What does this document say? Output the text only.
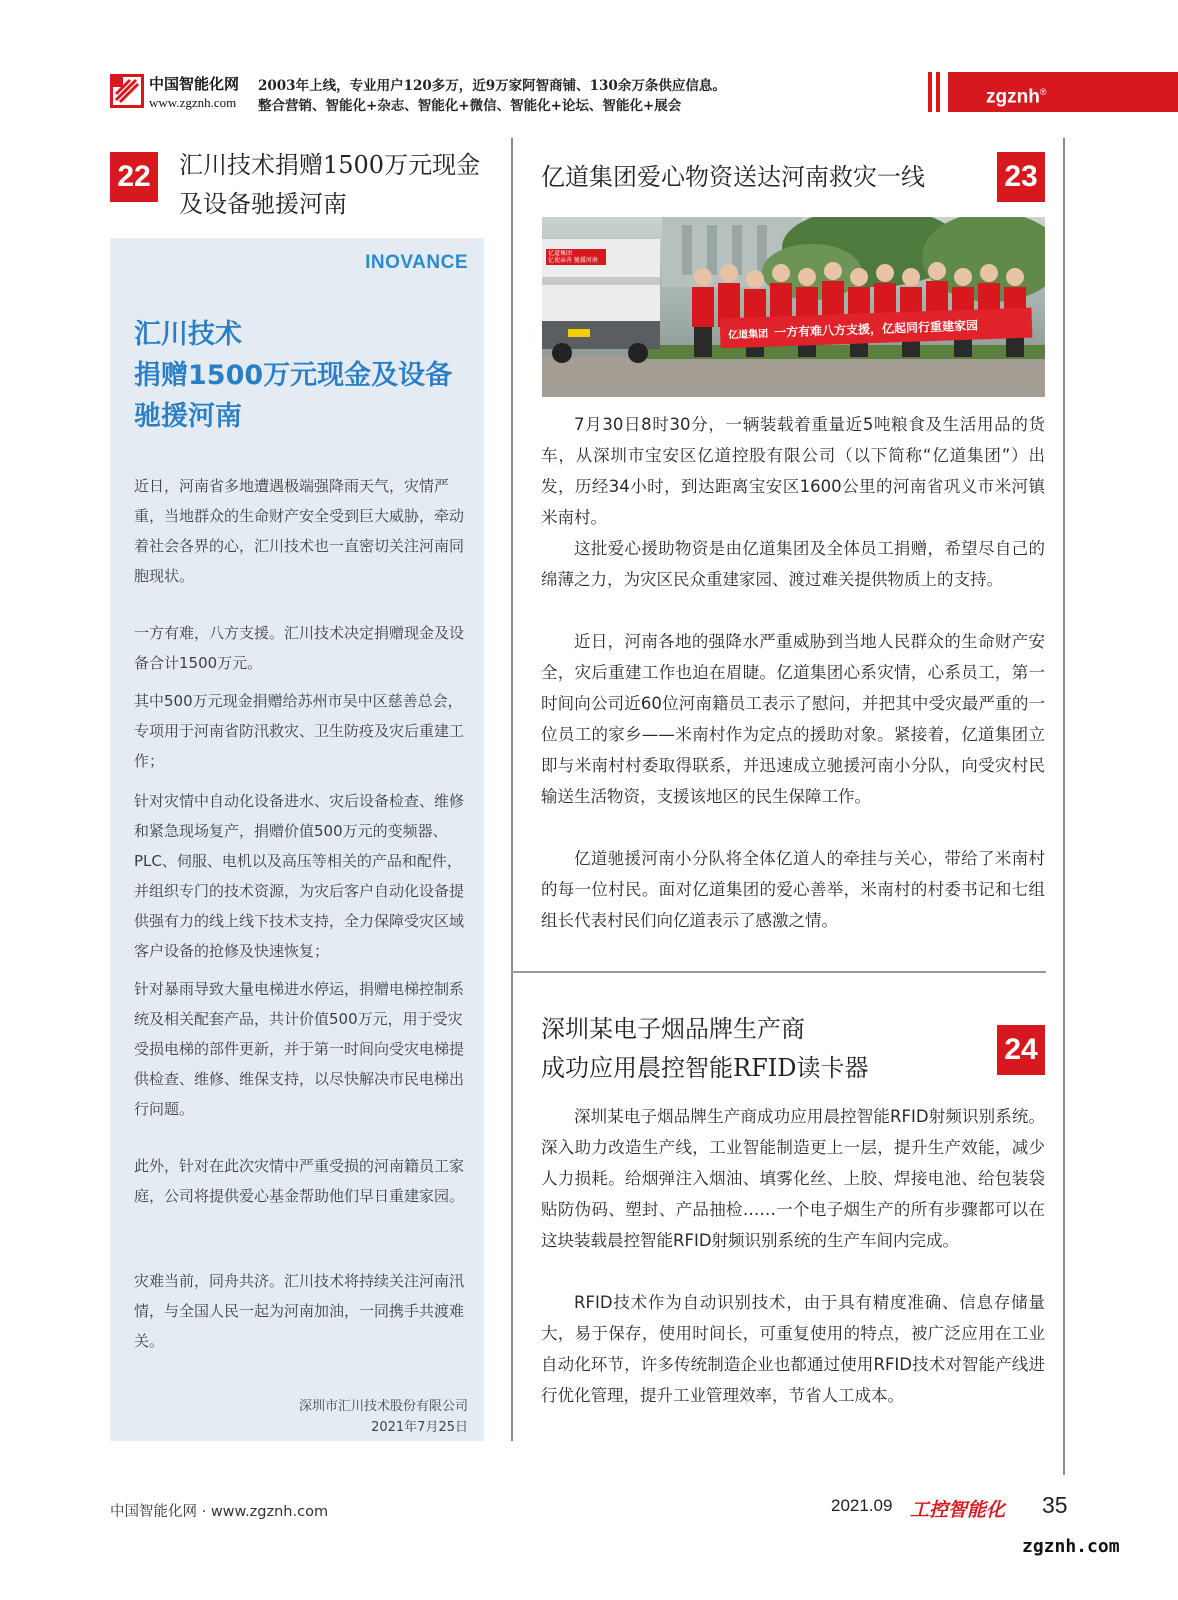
中国智能化网
www.zgznh.com
2003年上线，专业用户120多万，近9万家阿智商铺、130余万条供应信息。
整合营销、智能化+杂志、智能化+微信、智能化+论坛、智能化+展会	zgznh®
22	汇川技术捐赠1500万元现金
及设备驰援河南
INOVANCE
汇川技术
捐赠1500万元现金及设备
驰援河南

近日，河南省多地遭遇极端强降雨天气，灾情严重，当地群众的生命财产安全受到巨大威胁，牵动着社会各界的心，汇川技术也一直密切关注河南同胞现状。

一方有难，八方支援。汇川技术决定捐赠现金及设备合计1500万元。

其中500万元现金捐赠给苏州市吴中区慈善总会，专项用于河南省防汛救灾、卫生防疫及灾后重建工作；

针对灾情中自动化设备进水、灾后设备检查、维修和紧急现场复产，捐赠价值500万元的变频器、PLC、伺服、电机以及高压等相关的产品和配件，并组织专门的技术资源，为灾后客户自动化设备提供强有力的线上线下技术支持，全力保障受灾区域客户设备的抢修及快速恢复；

针对暴雨导致大量电梯进水停运，捐赠电梯控制系统及相关配套产品，共计价值500万元，用于受灾受损电梯的部件更新，并于第一时间向受灾电梯提供检查、维修、维保支持，以尽快解决市民电梯出行问题。

此外，针对在此次灾情中严重受损的河南籍员工家庭，公司将提供爱心基金帮助他们早日重建家园。

灾难当前，同舟共济。汇川技术将持续关注河南汛情，与全国人民一起为河南加油，一同携手共渡难关。

深圳市汇川技术股份有限公司
2021年7月25日
亿道集团爱心物资送达河南救灾一线	23
亿道集团 一方有难八方支援，亿起同行重建家园
亿道集团
亿使亲善 驰援河南

7月30日8时30分，一辆装载着重量近5吨粮食及生活用品的货车，从深圳市宝安区亿道控股有限公司（以下简称“亿道集团”）出发，历经34小时，到达距离宝安区1600公里的河南省巩义市米河镇米南村。

这批爱心援助物资是由亿道集团及全体员工捐赠，希望尽自己的绵薄之力，为灾区民众重建家园、渡过难关提供物质上的支持。

近日，河南各地的强降水严重威胁到当地人民群众的生命财产安全，灾后重建工作也迫在眉睫。亿道集团心系灾情，心系员工，第一时间向公司近60位河南籍员工表示了慰问，并把其中受灾最严重的一位员工的家乡——米南村作为定点的援助对象。紧接着，亿道集团立即与米南村村委取得联系，并迅速成立驰援河南小分队，向受灾村民输送生活物资，支援该地区的民生保障工作。

亿道驰援河南小分队将全体亿道人的牵挂与关心，带给了米南村的每一位村民。面对亿道集团的爱心善举，米南村的村委书记和七组组长代表村民们向亿道表示了感激之情。

深圳某电子烟品牌生产商
成功应用晨控智能RFID读卡器
24

深圳某电子烟品牌生产商成功应用晨控智能RFID射频识别系统。深入助力改造生产线，工业智能制造更上一层，提升生产效能，减少人力损耗。给烟弹注入烟油、填雾化丝、上胶、焊接电池、给包装袋贴防伪码、塑封、产品抽检……一个电子烟生产的所有步骤都可以在这块装载晨控智能RFID射频识别系统的生产车间内完成。

RFID技术作为自动识别技术，由于具有精度准确、信息存储量大，易于保存，使用时间长，可重复使用的特点，被广泛应用在工业自动化环节，许多传统制造企业也都通过使用RFID技术对智能产线进行优化管理，提升工业管理效率，节省人工成本。

中国智能化网 · www.zgznh.com	2021.09 工控智能化 35
zgznh.com
